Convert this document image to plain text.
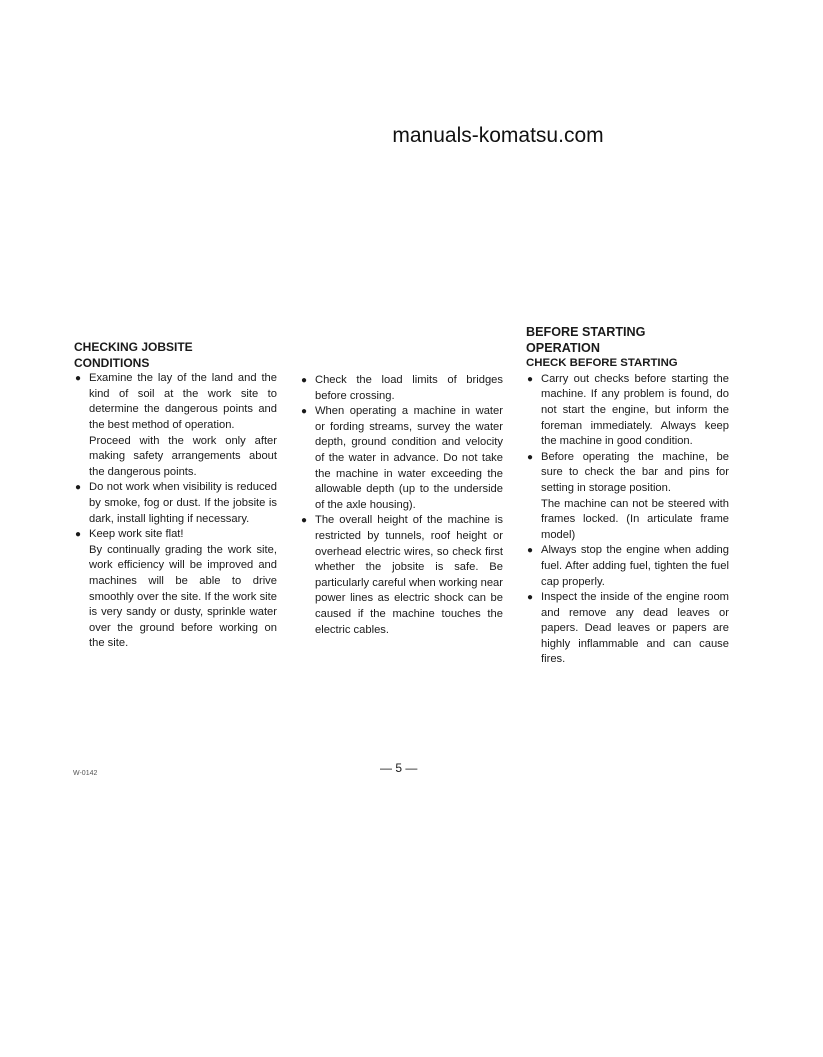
manuals-komatsu.com
CHECKING JOBSITE
CONDITIONS
● Examine the lay of the land and the kind of soil at the work site to determine the dangerous points and the best method of operation.
Proceed with the work only after making safety arrangements about the dangerous points.
● Do not work when visibility is reduced by smoke, fog or dust. If the jobsite is dark, install lighting if necessary.
● Keep work site flat!
By continually grading the work site, work efficiency will be improved and machines will be able to drive smoothly over the site. If the work site is very sandy or dusty, sprinkle water over the ground before working on the site.
● Check the load limits of bridges before crossing.
● When operating a machine in water or fording streams, survey the water depth, ground condition and velocity of the water in advance. Do not take the machine in water exceeding the allowable depth (up to the underside of the axle housing).
● The overall height of the machine is restricted by tunnels, roof height or overhead electric wires, so check first whether the jobsite is safe. Be particularly careful when working near power lines as electric shock can be caused if the machine touches the electric cables.
BEFORE STARTING
OPERATION
CHECK BEFORE STARTING
● Carry out checks before starting the machine. If any problem is found, do not start the engine, but inform the foreman immediately. Always keep the machine in good condition.
● Before operating the machine, be sure to check the bar and pins for setting in storage position.
The machine can not be steered with frames locked. (In articulate frame model)
● Always stop the engine when adding fuel. After adding fuel, tighten the fuel cap properly.
● Inspect the inside of the engine room and remove any dead leaves or papers. Dead leaves or papers are highly inflammable and can cause fires.
W-0142	— 5 —
